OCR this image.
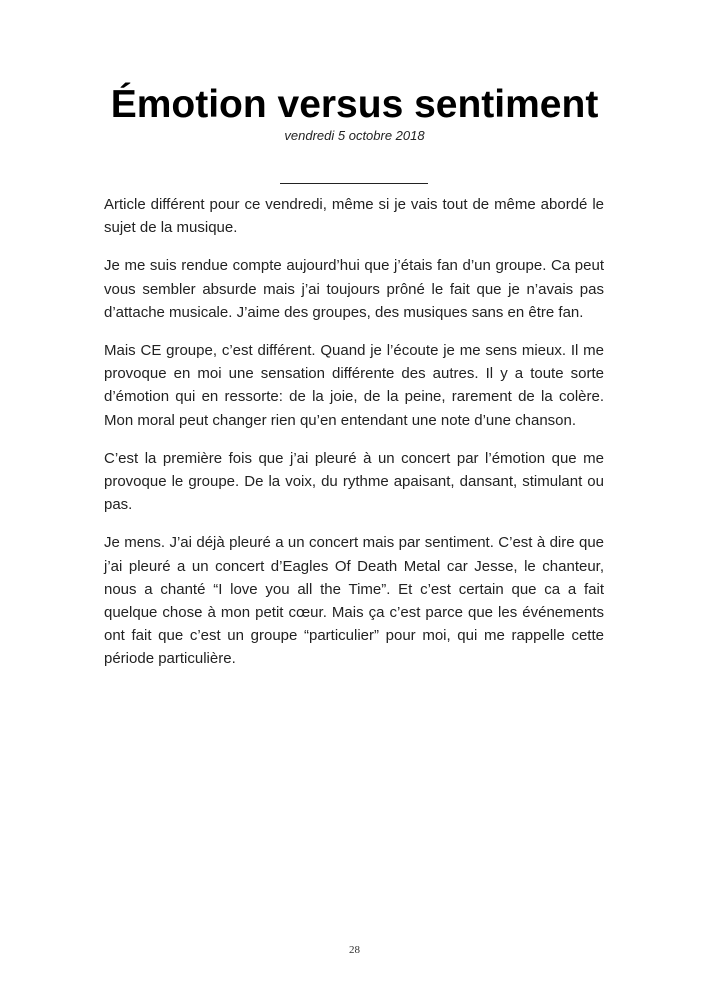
Émotion versus sentiment
vendredi 5 octobre 2018

Article différent pour ce vendredi, même si je vais tout de même abordé le sujet de la musique.

Je me suis rendue compte aujourd’hui que j’étais fan d’un groupe. Ca peut vous sembler absurde mais j’ai toujours prôné le fait que je n’avais pas d’attache musicale. J’aime des groupes, des musiques sans en être fan.

Mais CE groupe, c’est différent. Quand je l’écoute je me sens mieux. Il me provoque en moi une sensation différente des autres. Il y a toute sorte d’émotion qui en ressorte: de la joie, de la peine, rarement de la colère. Mon moral peut changer rien qu’en entendant une note d’une chanson.

C’est la première fois que j’ai pleuré à un concert par l’émotion que me provoque le groupe. De la voix, du rythme apaisant, dansant, stimulant ou pas.

Je mens. J’ai déjà pleuré a un concert mais par sentiment. C’est à dire que j’ai pleuré a un concert d’Eagles Of Death Metal car Jesse, le chanteur, nous a chanté “I love you all the Time”. Et c’est certain que ca a fait quelque chose à mon petit cœur. Mais ça c’est parce que les événements ont fait que c’est un groupe “particulier” pour moi, qui me rappelle cette période particulière.

28
